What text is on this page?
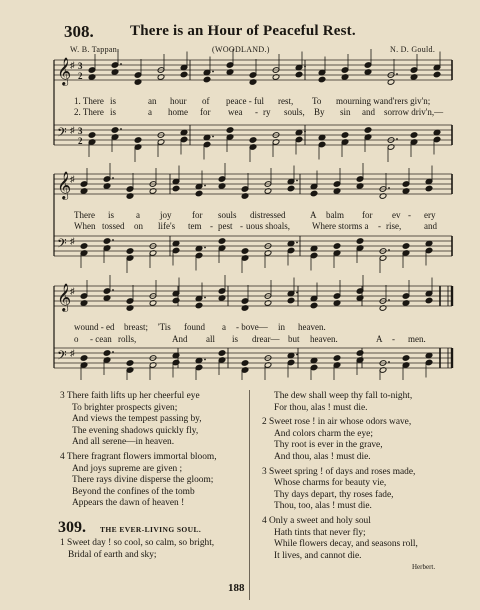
308. There is an Hour of Peaceful Rest.
W. B. Tappan.	(WOODLAND.)	N. D. Gould.
𝄞
♯ 3
2
𝄢 ♯ 3
2
𝄞
♯
𝄢 ♯
𝄞
♯
𝄢 ♯
1. There is	an hour of peace - ful rest, To mourning wand'rers giv'n;
2. There is	a home for wea - ry souls, By sin and sorrow driv'n,—
There is a joy for souls distressed	A balm for ev - ery
When tossed on life's tem - pest - uous shoals, Where storms a - rise,	and
wound - ed breast; 'Tis found a - bove— in heaven.
o - cean rolls,	And all is drear— but heaven.	A - men.
3 There faith lifts up her cheerful eye
To brighter prospects given;
And views the tempest passing by,
The evening shadows quickly fly,
And all serene—in heaven.
4 There fragrant flowers immortal bloom,
And joys supreme are given ;
There rays divine disperse the gloom;
Beyond the confines of the tomb
Appears the dawn of heaven !
The dew shall weep thy fall to-night,
For thou, alas ! must die.
2 Sweet rose ! in air whose odors wave,
And colors charm the eye;
Thy root is ever in the grave,
And thou, alas ! must die.
3 Sweet spring ! of days and roses made,
Whose charms for beauty vie,
Thy days depart, thy roses fade,
Thou, too, alas ! must die.
4 Only a sweet and holy soul
Hath tints that never fly;
While flowers decay, and seasons roll,
It lives, and cannot die.
Herbert.
309. THE EVER-LIVING SOUL.
1 Sweet day ! so cool, so calm, so bright,
Bridal of earth and sky;
188
